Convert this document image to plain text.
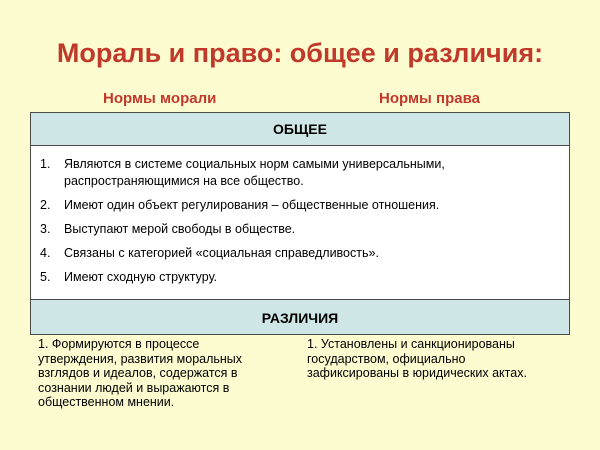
Мораль и право: общее и различия:
Нормы морали	Нормы права
ОБЩЕЕ
1. Являются в системе социальных норм самыми универсальными, распространяющимися на все общество.
2. Имеют один объект регулирования – общественные отношения.
3. Выступают мерой свободы в обществе.
4. Связаны с категорией «социальная справедливость».
5. Имеют сходную структуру.
РАЗЛИЧИЯ
1. Формируются в процессе утверждения, развития моральных взглядов и идеалов, содержатся в сознании людей и выражаются в общественном мнении.
1. Установлены и санкционированы государством, официально зафиксированы в юридических актах.
